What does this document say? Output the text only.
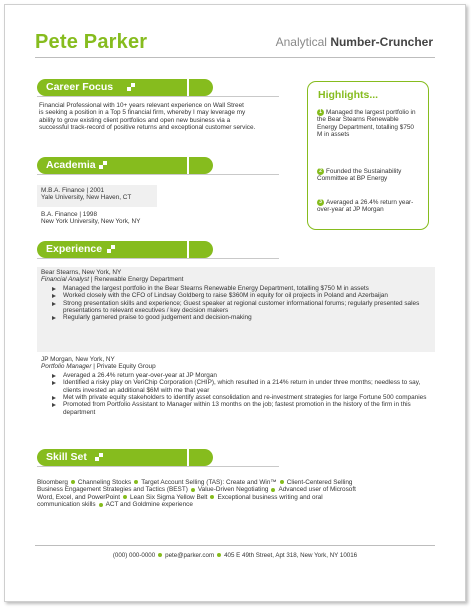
Pete Parker	Analytical Number-Cruncher
Career Focus
Financial Professional with 10+ years relevant experience on Wall Street
is seeking a position in a Top 5 financial firm, whereby I may leverage my
ability to grow existing client portfolios and open new business via a
successful track-record of positive returns and exceptional customer service.
Academia
M.B.A. Finance | 2001
Yale University, New Haven, CT
B.A. Finance | 1998
New York University, New York, NY
Experience
Bear Stearns, New York, NY
Financial Analyst | Renewable Energy Department
Managed the largest portfolio in the Bear Stearns Renewable Energy Department, totalling $750 M in assets
Worked closely with the CFO of Lindsay Goldberg to raise $360M in equity for oil projects in Poland and Azerbaijan
Strong presentation skills and experience; Guest speaker at regional customer informational forums; regularly presented sales presentations to relevant executives / key decision makers
Regularly garnered praise to good judgement and decision-making
JP Morgan, New York, NY
Portfolio Manager | Private Equity Group
Averaged a 26.4% return year-over-year at JP Morgan
Identified a risky play on VeriChip Corporation (CHIP), which resulted in a 214% return in under three months; needless to say, clients invested an additional $6M with me that year
Met with private equity stakeholders to identify asset consolidation and re-investment strategies for large Fortune 500 companies
Promoted from Portfolio Assistant to Manager within 13 months on the job; fastest promotion in the history of the firm in this department
Skill Set
Bloomberg Channeling Stocks Target Account Selling (TAS): Create and Win™ Client-Centered Selling
Business Engagement Strategies and Tactics (BEST) Value-Driven Negotiating Advanced user of Microsoft
Word, Excel, and PowerPoint Lean Six Sigma Yellow Belt Exceptional business writing and oral
communication skills ACT and Goldmine experience
Highlights...
1 Managed the largest portfolio in the Bear Stearns Renewable Energy Department, totalling $750 M in assets
2 Founded the Sustainability Committee at BP Energy
3 Averaged a 26.4% return year-over-year at JP Morgan
(000) 000-0000 pete@parker.com 405 E 49th Street, Apt 318, New York, NY 10016
